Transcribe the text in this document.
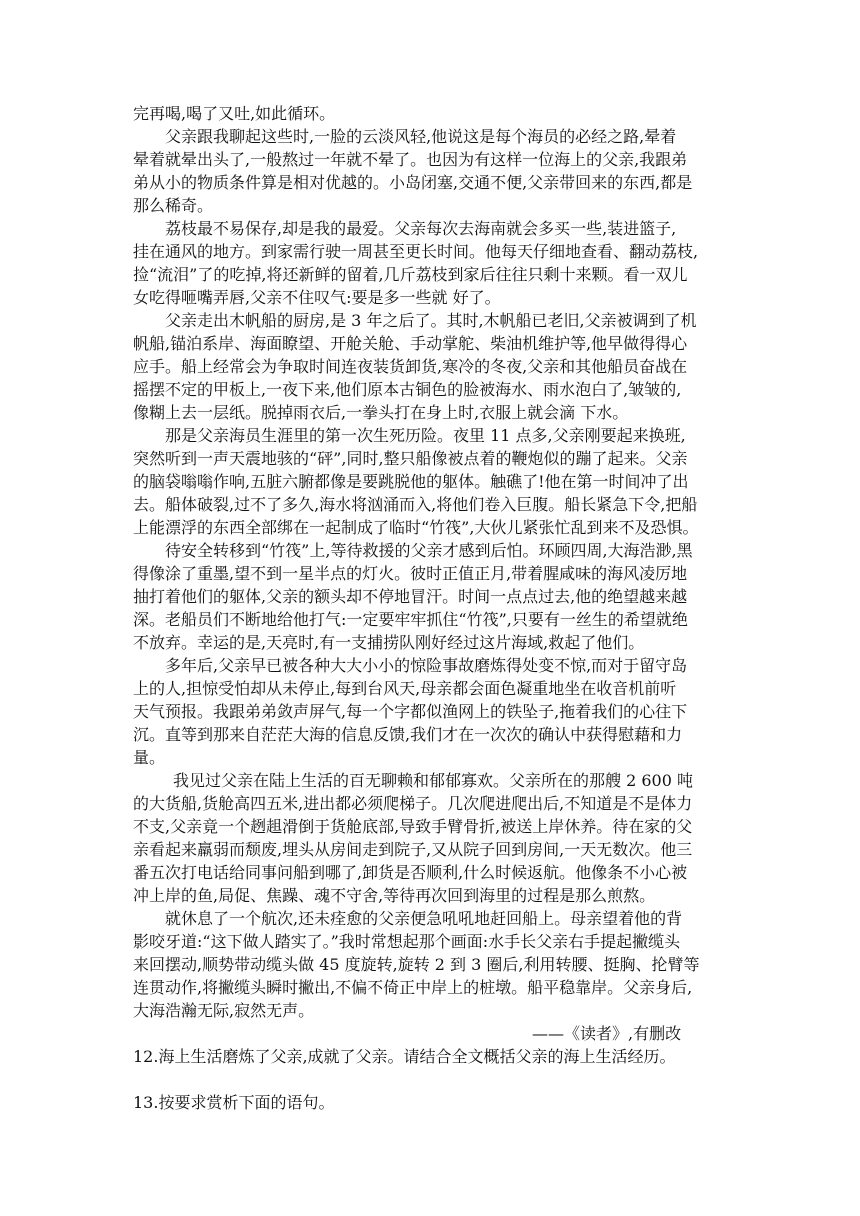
完再喝,喝了又吐,如此循环。
父亲跟我聊起这些时,一脸的云淡风轻,他说这是每个海员的必经之路,晕着
晕着就晕出头了,一般熬过一年就不晕了。也因为有这样一位海上的父亲,我跟弟
弟从小的物质条件算是相对优越的。小岛闭塞,交通不便,父亲带回来的东西,都是
那么稀奇。
荔枝最不易保存,却是我的最爱。父亲每次去海南就会多买一些,装进篮子,
挂在通风的地方。到家需行驶一周甚至更长时间。他每天仔细地查看、翻动荔枝,
捡“流泪”了的吃掉,将还新鲜的留着,几斤荔枝到家后往往只剩十来颗。看一双儿
女吃得咂嘴弄唇,父亲不住叹气:要是多一些就 好了。
父亲走出木帆船的厨房,是 3 年之后了。其时,木帆船已老旧,父亲被调到了机
帆船,锚泊系岸、海面瞭望、开舱关舱、手动掌舵、柴油机维护等,他早做得得心
应手。船上经常会为争取时间连夜装货卸货,寒冷的冬夜,父亲和其他船员奋战在
摇摆不定的甲板上,一夜下来,他们原本古铜色的脸被海水、雨水泡白了,皱皱的,
像糊上去一层纸。脱掉雨衣后,一拳头打在身上时,衣服上就会滴 下水。
那是父亲海员生涯里的第一次生死历险。夜里 11 点多,父亲刚要起来换班,
突然听到一声天震地骇的“砰”,同时,整只船像被点着的鞭炮似的蹦了起来。父亲
的脑袋嗡嗡作响,五脏六腑都像是要跳脱他的躯体。触礁了!他在第一时间冲了出
去。船体破裂,过不了多久,海水将汹涌而入,将他们卷入巨腹。船长紧急下令,把船
上能漂浮的东西全部绑在一起制成了临时“竹筏”,大伙儿紧张忙乱到来不及恐惧。
待安全转移到“竹筏”上,等待救援的父亲才感到后怕。环顾四周,大海浩渺,黑
得像涂了重墨,望不到一星半点的灯火。彼时正值正月,带着腥咸味的海风凌厉地
抽打着他们的躯体,父亲的额头却不停地冒汗。时间一点点过去,他的绝望越来越
深。老船员们不断地给他打气:一定要牢牢抓住“竹筏”,只要有一丝生的希望就绝
不放弃。幸运的是,天亮时,有一支捕捞队刚好经过这片海域,救起了他们。
多年后,父亲早已被各种大大小小的惊险事故磨炼得处变不惊,而对于留守岛
上的人,担惊受怕却从未停止,每到台风天,母亲都会面色凝重地坐在收音机前听
天气预报。我跟弟弟敛声屏气,每一个字都似渔网上的铁坠子,拖着我们的心往下
沉。直等到那来自茫茫大海的信息反馈,我们才在一次次的确认中获得慰藉和力
量。
我见过父亲在陆上生活的百无聊赖和郁郁寡欢。父亲所在的那艘 2 600 吨
的大货船,货舱高四五米,进出都必须爬梯子。几次爬进爬出后,不知道是不是体力
不支,父亲竟一个趔趄滑倒于货舱底部,导致手臂骨折,被送上岸休养。待在家的父
亲看起来羸弱而颓废,埋头从房间走到院子,又从院子回到房间,一天无数次。他三
番五次打电话给同事问船到哪了,卸货是否顺利,什么时候返航。他像条不小心被
冲上岸的鱼,局促、焦躁、魂不守舍,等待再次回到海里的过程是那么煎熬。
就休息了一个航次,还未痊愈的父亲便急吼吼地赶回船上。母亲望着他的背
影咬牙道:“这下做人踏实了。”我时常想起那个画面:水手长父亲右手提起撇缆头
来回摆动,顺势带动缆头做 45 度旋转,旋转 2 到 3 圈后,利用转腰、挺胸、抡臂等
连贯动作,将撇缆头瞬时撇出,不偏不倚正中岸上的桩墩。船平稳靠岸。父亲身后,
大海浩瀚无际,寂然无声。
——《读者》,有删改
12.海上生活磨炼了父亲,成就了父亲。请结合全文概括父亲的海上生活经历。
13.按要求赏析下面的语句。
